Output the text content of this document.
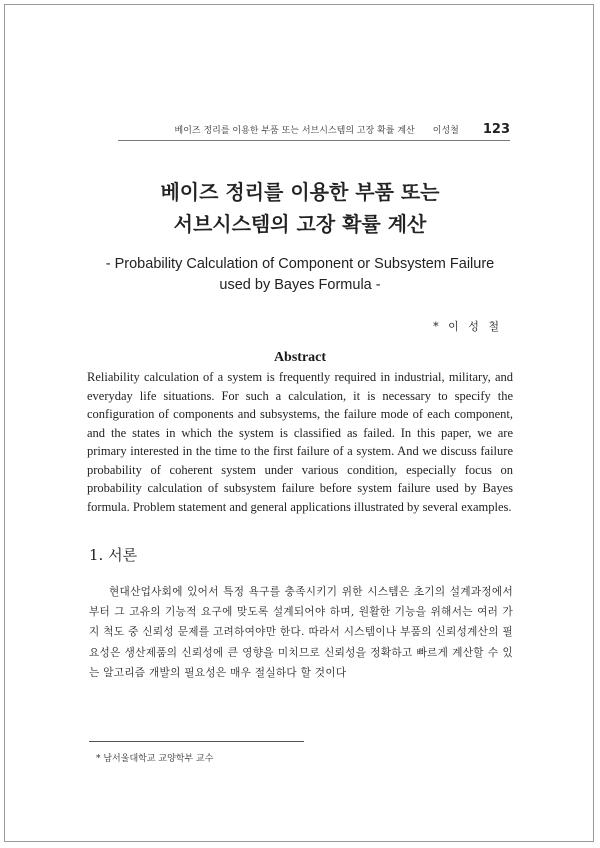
베이즈 정리를 이용한 부품 또는 서브시스템의 고장 확률 계산 이성철 123
베이즈 정리를 이용한 부품 또는
서브시스템의 고장 확률 계산
- Probability Calculation of Component or Subsystem Failure
used by Bayes Formula -
* 이 성 철
Abstract
Reliability calculation of a system is frequently required in industrial, military, and everyday life situations. For such a calculation, it is necessary to specify the configuration of components and subsystems, the failure mode of each component, and the states in which the system is classified as failed. In this paper, we are primary interested in the time to the first failure of a system. And we discuss failure probability of coherent system under various condition, especially focus on probability calculation of subsystem failure before system failure used by Bayes formula. Problem statement and general applications illustrated by several examples.
1. 서론
현대산업사회에 있어서 특정 욕구를 충족시키기 위한 시스템은 초기의 설계과정에서부터 그 고유의 기능적 요구에 맞도록 설계되어야 하며, 원활한 기능을 위해서는 여러 가지 척도 중 신뢰성 문제를 고려하여야만 한다. 따라서 시스템이나 부품의 신뢰성계산의 필요성은 생산제품의 신뢰성에 큰 영향을 미치므로 신뢰성을 정확하고 빠르게 계산할 수 있는 알고리즘 개발의 필요성은 매우 절실하다 할 것이다
* 남서울대학교 교양학부 교수
